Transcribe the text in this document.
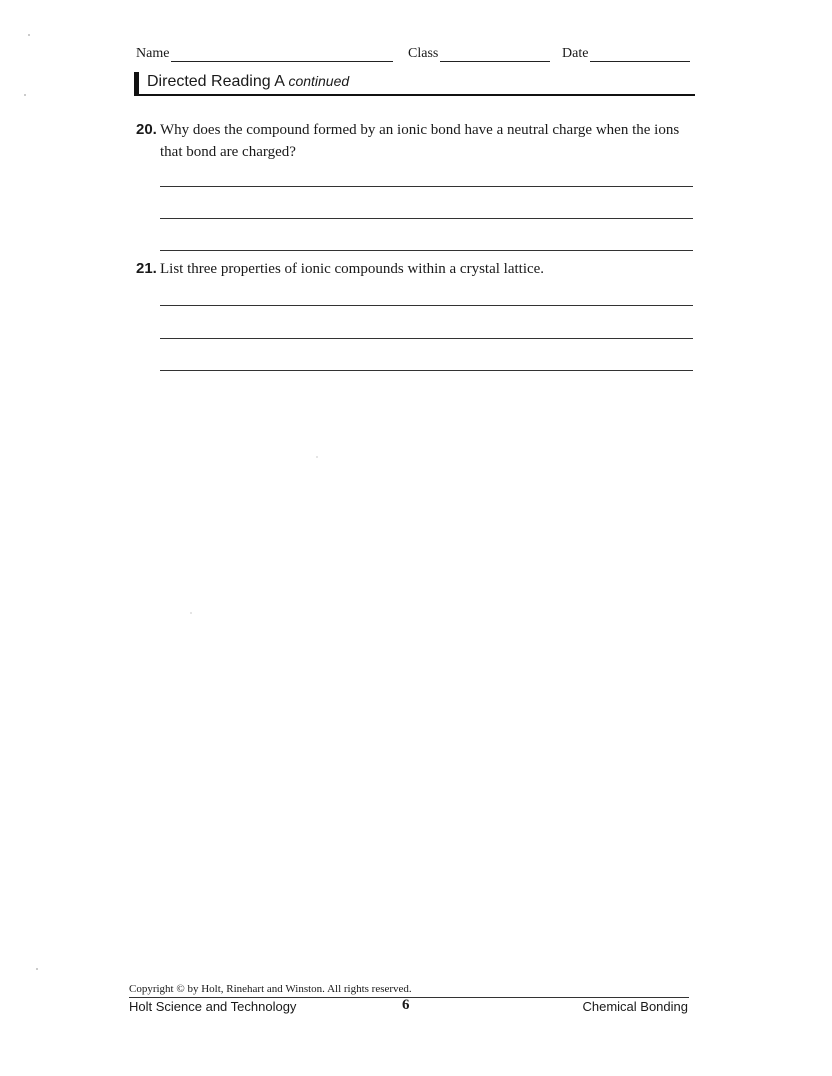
Name	Class	Date
Directed Reading A continued
20. Why does the compound formed by an ionic bond have a neutral charge when the ions that bond are charged?
21. List three properties of ionic compounds within a crystal lattice.
Copyright © by Holt, Rinehart and Winston. All rights reserved.
Holt Science and Technology	6	Chemical Bonding
